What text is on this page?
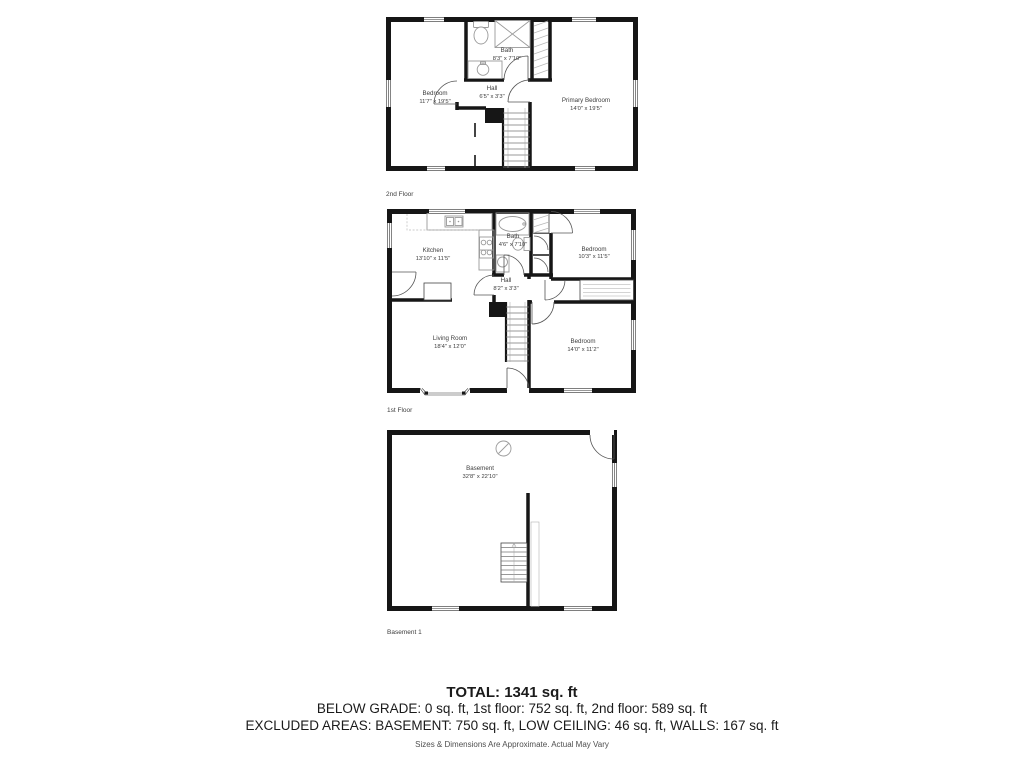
Bath
8'3" x 7'10"
Bedroom
11'7" x 19'5"
Hall
6'5" x 3'3"	Primary Bedroom
14'0" x 19'5"
2nd Floor
Kitchen
13'10" x 11'5"
Bath
4'6" x 7'10"
Bedroom
10'3" x 11'5"
Hall
8'2" x 3'3"
Living Room
18'4" x 12'0"
Bedroom
14'0" x 11'2"
1st Floor
Basement
32'8" x 22'10"
Basement 1
TOTAL: 1341 sq. ft
BELOW GRADE: 0 sq. ft, 1st floor: 752 sq. ft, 2nd floor: 589 sq. ft
EXCLUDED AREAS: BASEMENT: 750 sq. ft, LOW CEILING: 46 sq. ft, WALLS: 167 sq. ft
Sizes & Dimensions Are Approximate. Actual May Vary
